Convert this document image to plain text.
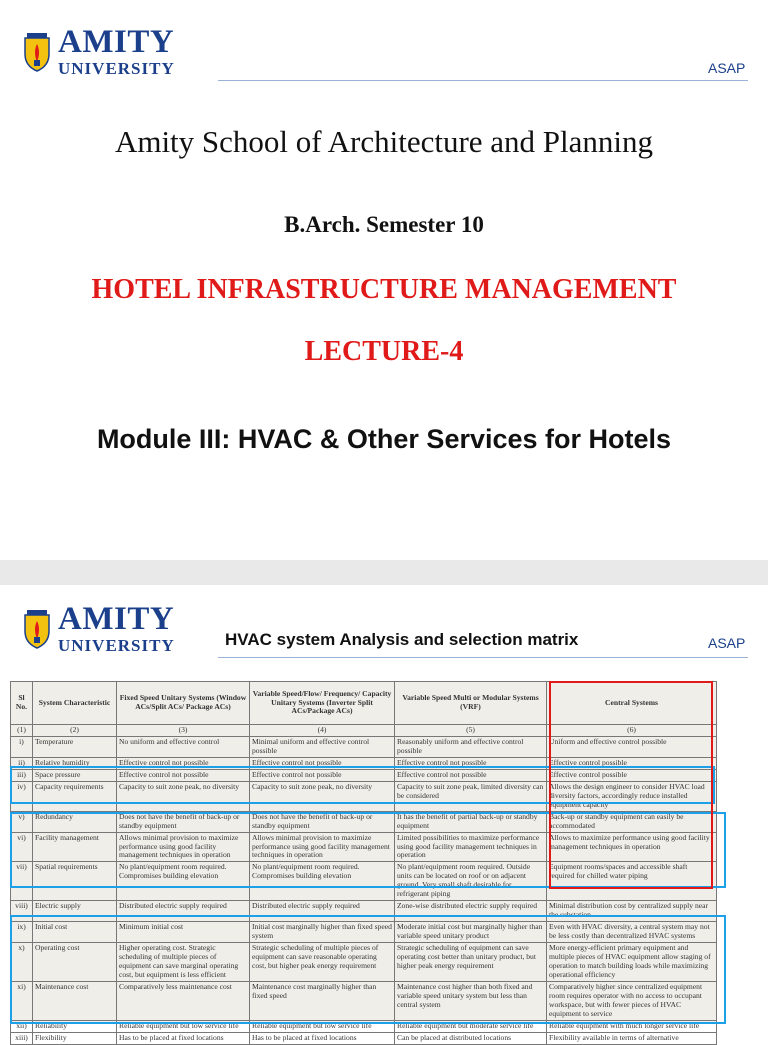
AMITY
UNIVERSITY	ASAP
Amity School of Architecture and Planning
B.Arch. Semester 10
HOTEL INFRASTRUCTURE MANAGEMENT
LECTURE-4
Module III: HVAC & Other Services for Hotels
AMITY
UNIVERSITY	HVAC system Analysis and selection matrix	ASAP
Sl No.	System Characteristic	Fixed Speed Unitary Systems (Window ACs/Split ACs/ Package ACs)	Variable Speed/Flow/ Frequency/ Capacity Unitary Systems (Inverter Split ACs/Package ACs)	Variable Speed Multi or Modular Systems (VRF)	Central Systems
(1)	(2)	(3)	(4)	(5)	(6)
i)	Temperature	No uniform and effective control	Minimal uniform and effective control possible	Reasonably uniform and effective control possible	Uniform and effective control possible
ii)	Relative humidity	Effective control not possible	Effective control not possible	Effective control not possible	Effective control possible
iii)	Space pressure	Effective control not possible	Effective control not possible	Effective control not possible	Effective control possible
iv)	Capacity requirements	Capacity to suit zone peak, no diversity	Capacity to suit zone peak, no diversity	Capacity to suit zone peak, limited diversity can be considered	Allows the design engineer to consider HVAC load diversity factors, accordingly reduce installed equipment capacity
v)	Redundancy	Does not have the benefit of back-up or standby equipment	Does not have the benefit of back-up or standby equipment	It has the benefit of partial back-up or standby equipment	Back-up or standby equipment can easily be accommodated
vi)	Facility management	Allows minimal provision to maximize performance using good facility management techniques in operation	Allows minimal provision to maximize performance using good facility management techniques in operation	Limited possibilities to maximize performance using good facility management techniques in operation	Allows to maximize performance using good facility management techniques in operation
vii)	Spatial requirements	No plant/equipment room required. Compromises building elevation	No plant/equipment room required. Compromises building elevation	No plant/equipment room required. Outside units can be located on roof or on adjacent ground. Very small shaft desirable for refrigerant piping	Equipment rooms/spaces and accessible shaft required for chilled water piping
viii)	Electric supply	Distributed electric supply required	Distributed electric supply required	Zone-wise distributed electric supply required	Minimal distribution cost by centralized supply near the substation
ix)	Initial cost	Minimum initial cost	Initial cost marginally higher than fixed speed system	Moderate initial cost but marginally higher than variable speed unitary product	Even with HVAC diversity, a central system may not be less costly than decentralized HVAC systems
x)	Operating cost	Higher operating cost. Strategic scheduling of multiple pieces of equipment can save marginal operating cost, but equipment is less efficient	Strategic scheduling of multiple pieces of equipment can save reasonable operating cost, but higher peak energy requirement	Strategic scheduling of equipment can save operating cost better than unitary product, but higher peak energy requirement	More energy-efficient primary equipment and multiple pieces of HVAC equipment allow staging of operation to match building loads while maximizing operational efficiency
xi)	Maintenance cost	Comparatively less maintenance cost	Maintenance cost marginally higher than fixed speed	Maintenance cost higher than both fixed and variable speed unitary system but less than central system	Comparatively higher since centralized equipment room requires operator with no access to occupant workspace, but with fewer pieces of HVAC equipment to service
xii)	Reliability	Reliable equipment but low service life	Reliable equipment but low service life	Reliable equipment but moderate service life	Reliable equipment with much longer service life
xiii)	Flexibility	Has to be placed at fixed locations	Has to be placed at fixed locations	Can be placed at distributed locations	Flexibility available in terms of alternative
